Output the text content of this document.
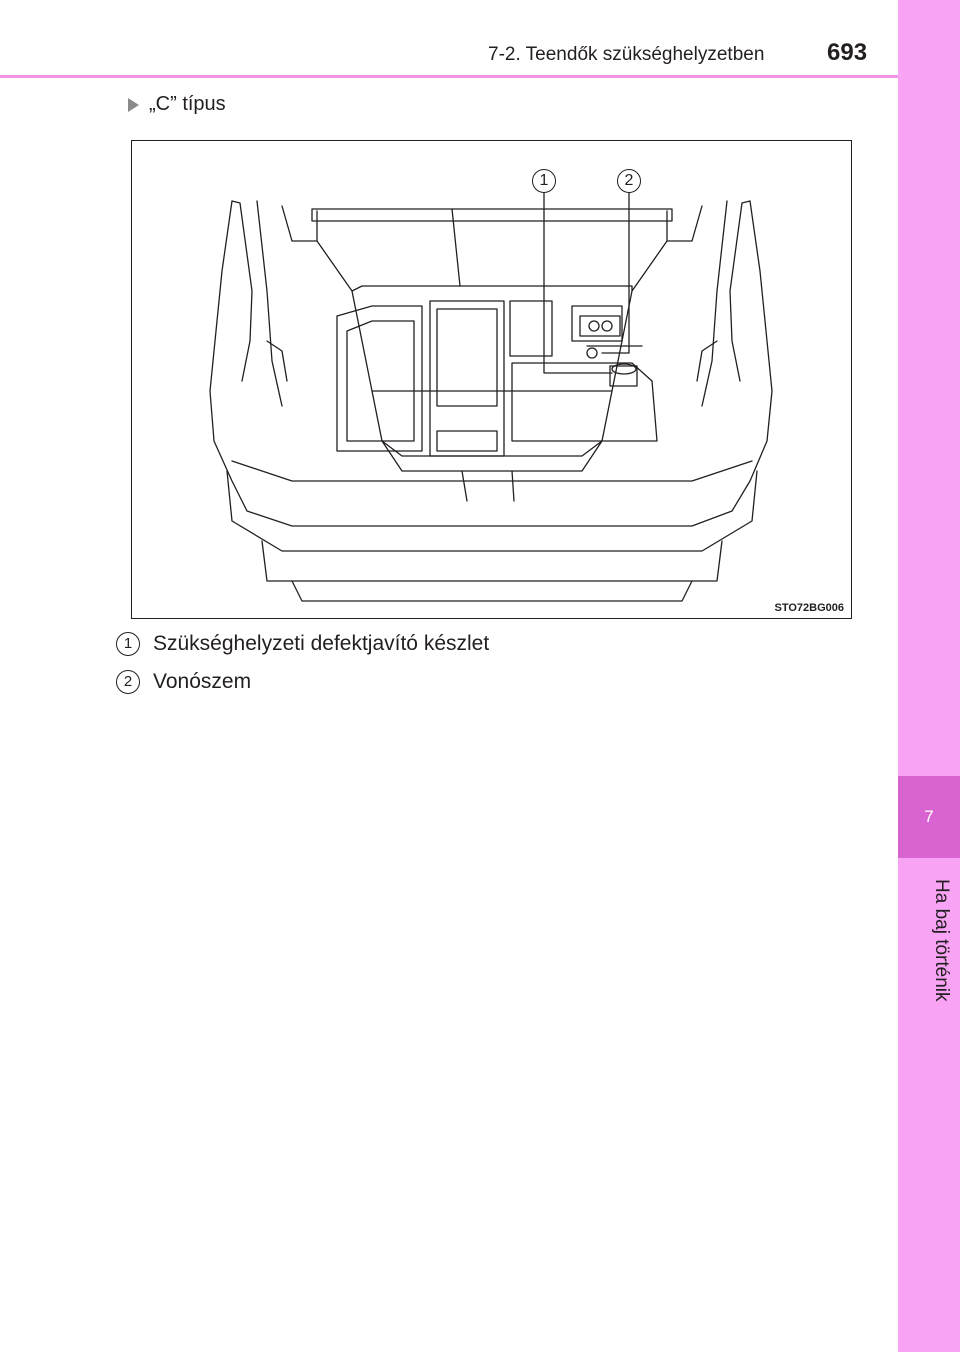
7-2. Teendők szükséghelyzetben	693
7
Ha baj történik
„C” típus
1	2
STO72BG006
1 Szükséghelyzeti defektjavító készlet
2 Vonószem
